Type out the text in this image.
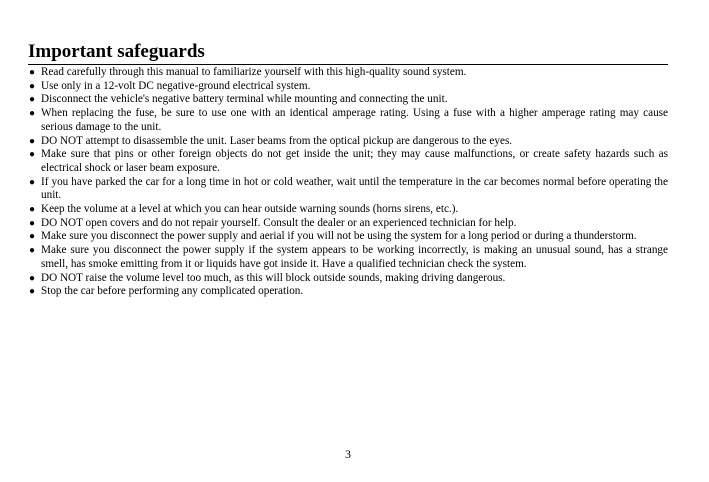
Important safeguards
● Read carefully through this manual to familiarize yourself with this high-quality sound system.
● Use only in a 12-volt DC negative-ground electrical system.
● Disconnect the vehicle's negative battery terminal while mounting and connecting the unit.
● When replacing the fuse, be sure to use one with an identical amperage rating. Using a fuse with a higher amperage rating may cause serious damage to the unit.
● DO NOT attempt to disassemble the unit. Laser beams from the optical pickup are dangerous to the eyes.
● Make sure that pins or other foreign objects do not get inside the unit; they may cause malfunctions, or create safety hazards such as electrical shock or laser beam exposure.
● If you have parked the car for a long time in hot or cold weather, wait until the temperature in the car becomes normal before operating the unit.
● Keep the volume at a level at which you can hear outside warning sounds (horns sirens, etc.).
● DO NOT open covers and do not repair yourself. Consult the dealer or an experienced technician for help.
● Make sure you disconnect the power supply and aerial if you will not be using the system for a long period or during a thunderstorm.
● Make sure you disconnect the power supply if the system appears to be working incorrectly, is making an unusual sound, has a strange smell, has smoke emitting from it or liquids have got inside it. Have a qualified technician check the system.
● DO NOT raise the volume level too much, as this will block outside sounds, making driving dangerous.
● Stop the car before performing any complicated operation.
3
